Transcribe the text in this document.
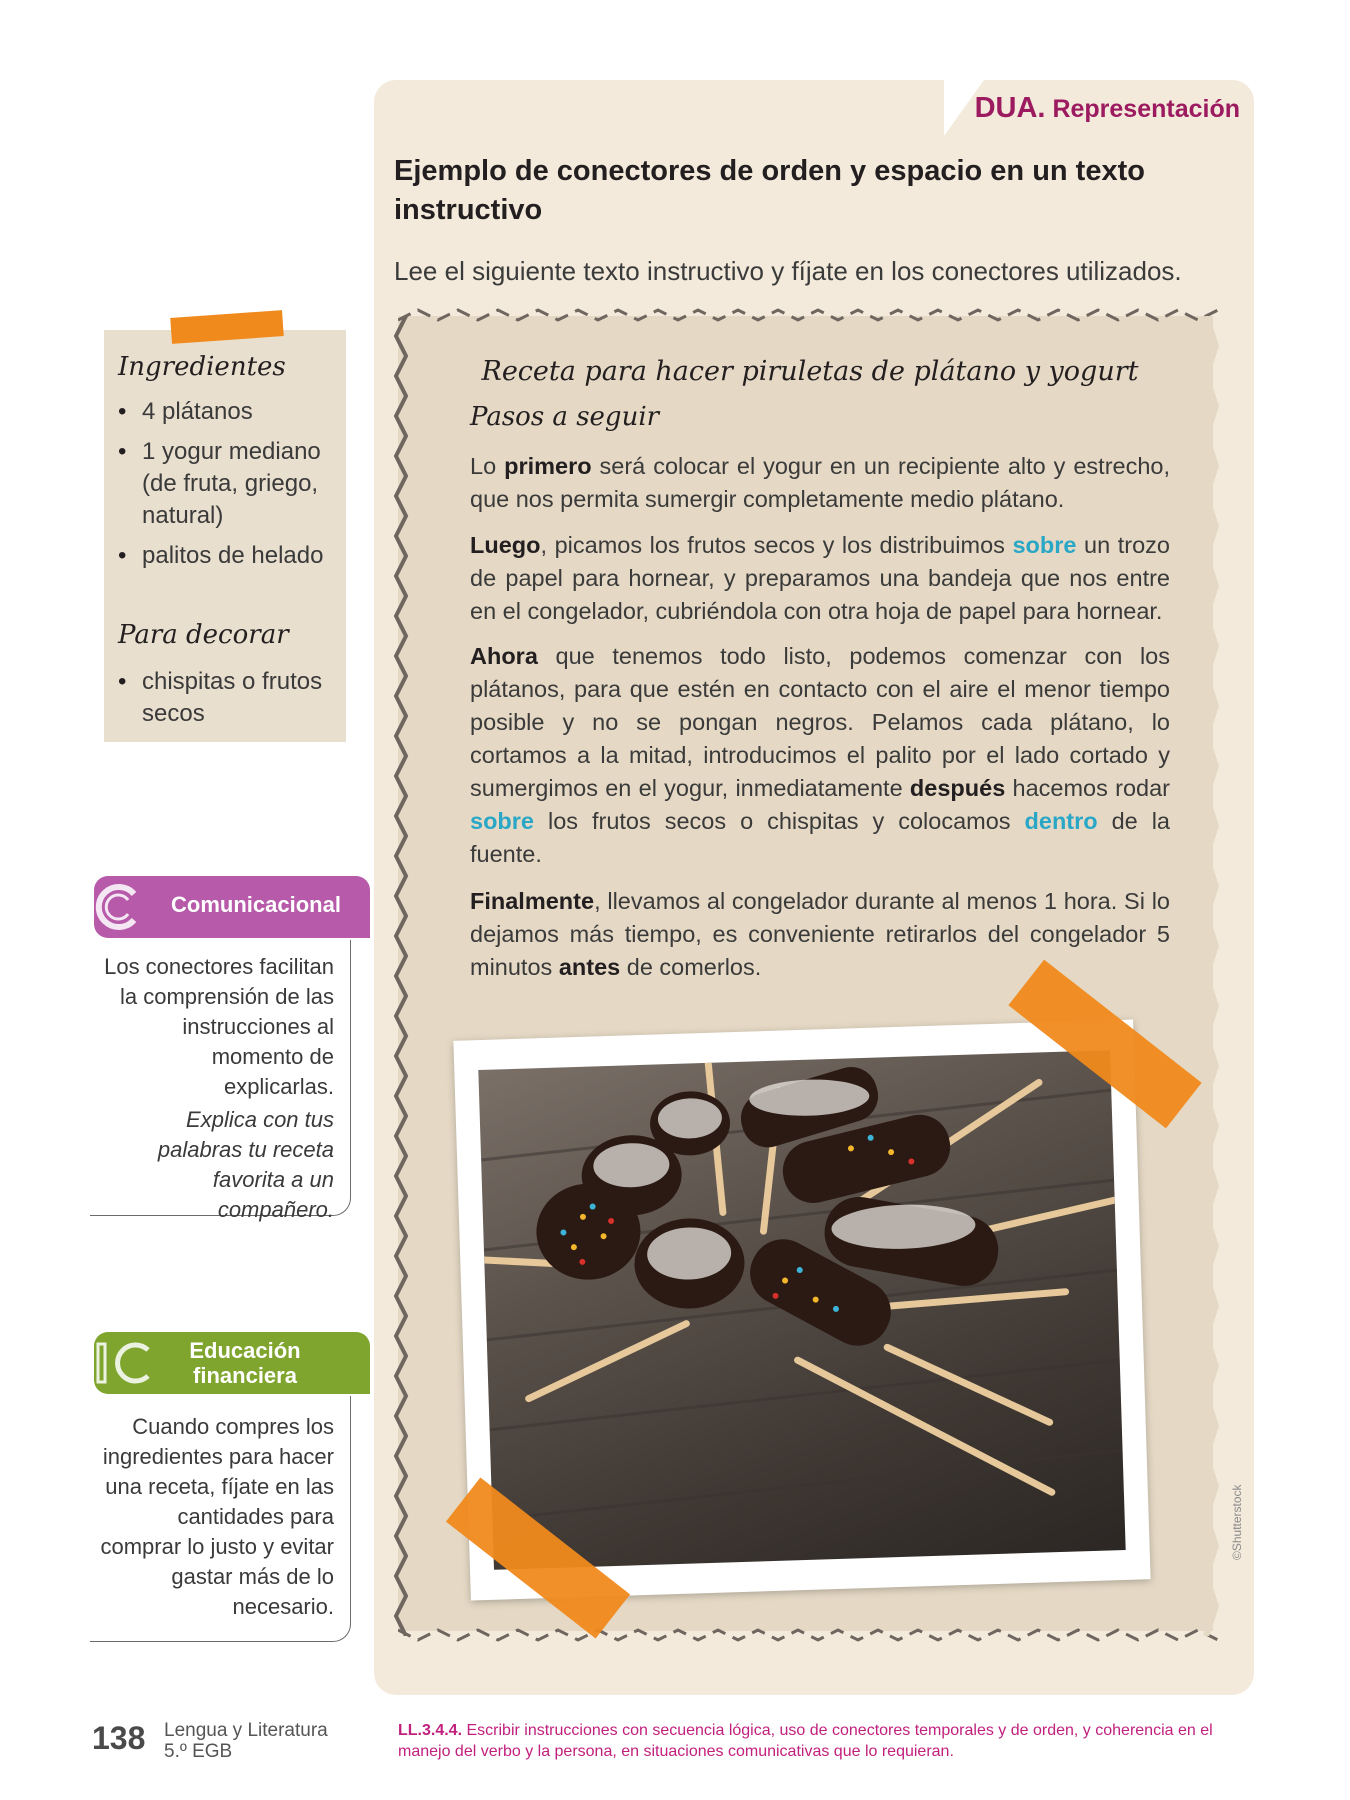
DUA. Representación
Ejemplo de conectores de orden y espacio en un texto instructivo
Lee el siguiente texto instructivo y fíjate en los conectores utilizados.
Receta para hacer piruletas de plátano y yogurt
Pasos a seguir

Lo primero será colocar el yogur en un recipiente alto y estrecho, que nos permita sumergir completamente medio plátano.

Luego, picamos los frutos secos y los distribuimos sobre un trozo de papel para hornear, y preparamos una bandeja que nos entre en el congelador, cubriéndola con otra hoja de papel para hornear.

Ahora que tenemos todo listo, podemos comenzar con los plátanos, para que estén en contacto con el aire el menor tiempo posible y no se pongan negros. Pelamos cada plátano, lo cortamos a la mitad, introducimos el palito por el lado cortado y sumergimos en el yogur, inmediatamente después hacemos rodar sobre los frutos secos o chispitas y colocamos dentro de la fuente.

Finalmente, llevamos al congelador durante al menos 1 hora. Si lo dejamos más tiempo, es conveniente retirarlos del congelador 5 minutos antes de comerlos.

©Shutterstock
Ingredientes
• 4 plátanos
• 1 yogur mediano (de fruta, griego, natural)
• palitos de helado
Para decorar
• chispitas o frutos secos
Comunicacional

Los conectores facilitan la comprensión de las instrucciones al momento de explicarlas.

Explica con tus palabras tu receta favorita a un compañero.

Educación financiera

Cuando compres los ingredientes para hacer una receta, fíjate en las cantidades para comprar lo justo y evitar gastar más de lo necesario.

138 Lengua y Literatura
5.º EGB

LL.3.4.4. Escribir instrucciones con secuencia lógica, uso de conectores temporales y de orden, y coherencia en el manejo del verbo y la persona, en situaciones comunicativas que lo requieran.
